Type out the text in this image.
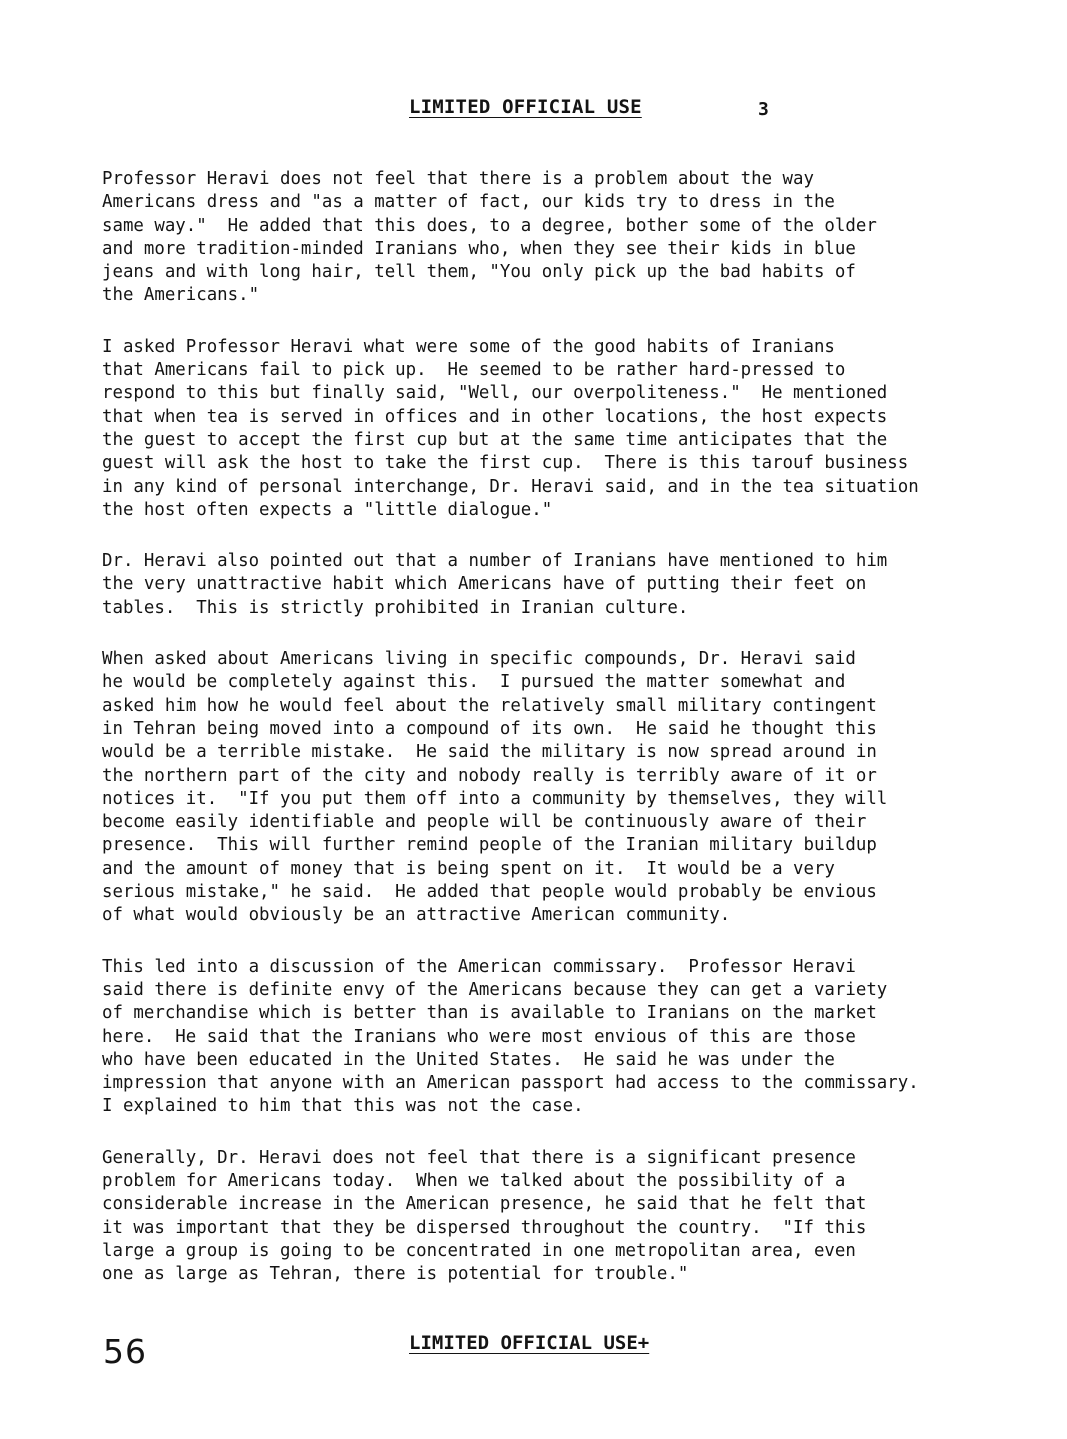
LIMITED OFFICIAL USE	3
Professor Heravi does not feel that there is a problem about the way
Americans dress and "as a matter of fact, our kids try to dress in the
same way."  He added that this does, to a degree, bother some of the older
and more tradition-minded Iranians who, when they see their kids in blue
jeans and with long hair, tell them, "You only pick up the bad habits of
the Americans."
I asked Professor Heravi what were some of the good habits of Iranians
that Americans fail to pick up.  He seemed to be rather hard-pressed to
respond to this but finally said, "Well, our overpoliteness."  He mentioned
that when tea is served in offices and in other locations, the host expects
the guest to accept the first cup but at the same time anticipates that the
guest will ask the host to take the first cup.  There is this tarouf business
in any kind of personal interchange, Dr. Heravi said, and in the tea situation
the host often expects a "little dialogue."
Dr. Heravi also pointed out that a number of Iranians have mentioned to him
the very unattractive habit which Americans have of putting their feet on
tables.  This is strictly prohibited in Iranian culture.
When asked about Americans living in specific compounds, Dr. Heravi said
he would be completely against this.  I pursued the matter somewhat and
asked him how he would feel about the relatively small military contingent
in Tehran being moved into a compound of its own.  He said he thought this
would be a terrible mistake.  He said the military is now spread around in
the northern part of the city and nobody really is terribly aware of it or
notices it.  "If you put them off into a community by themselves, they will
become easily identifiable and people will be continuously aware of their
presence.  This will further remind people of the Iranian military buildup
and the amount of money that is being spent on it.  It would be a very
serious mistake," he said.  He added that people would probably be envious
of what would obviously be an attractive American community.
This led into a discussion of the American commissary.  Professor Heravi
said there is definite envy of the Americans because they can get a variety
of merchandise which is better than is available to Iranians on the market
here.  He said that the Iranians who were most envious of this are those
who have been educated in the United States.  He said he was under the
impression that anyone with an American passport had access to the commissary.
I explained to him that this was not the case.
Generally, Dr. Heravi does not feel that there is a significant presence
problem for Americans today.  When we talked about the possibility of a
considerable increase in the American presence, he said that he felt that
it was important that they be dispersed throughout the country.  "If this
large a group is going to be concentrated in one metropolitan area, even
one as large as Tehran, there is potential for trouble."
56	LIMITED OFFICIAL USE+
